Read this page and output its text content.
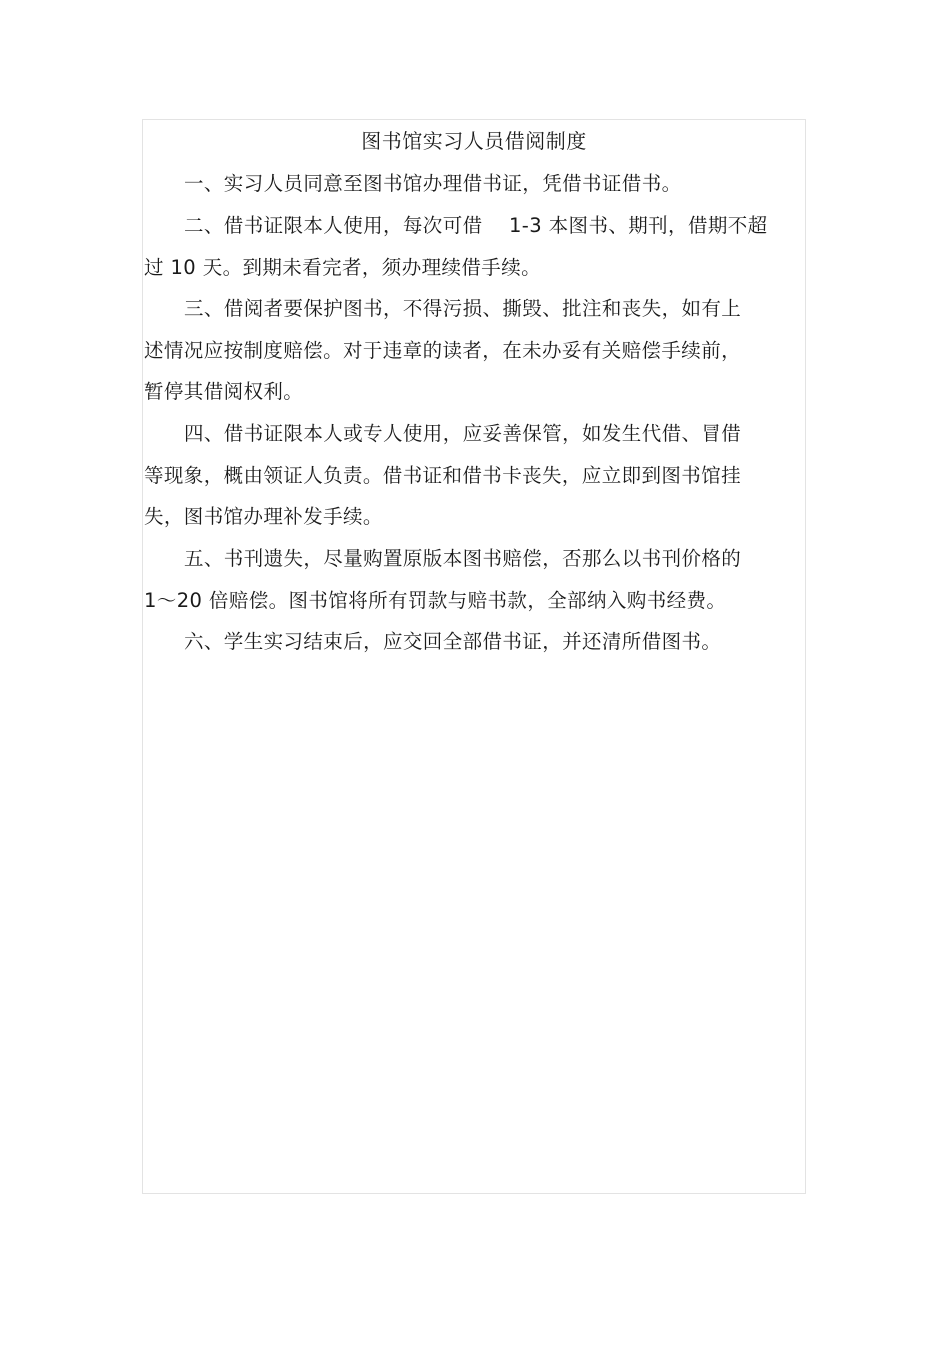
图书馆实习人员借阅制度

一、实习人员同意至图书馆办理借书证，凭借书证借书。

二、借书证限本人使用，每次可借　 1-3 本图书、期刊，借期不超

过 10 天。到期未看完者，须办理续借手续。

三、借阅者要保护图书，不得污损、撕毁、批注和丧失，如有上

述情况应按制度赔偿。对于违章的读者，在未办妥有关赔偿手续前，

暂停其借阅权利。

四、借书证限本人或专人使用，应妥善保管，如发生代借、冒借

等现象，概由领证人负责。借书证和借书卡丧失，应立即到图书馆挂

失，图书馆办理补发手续。

五、书刊遗失，尽量购置原版本图书赔偿，否那么以书刊价格的

1～20 倍赔偿。图书馆将所有罚款与赔书款，全部纳入购书经费。

六、学生实习结束后，应交回全部借书证，并还清所借图书。
